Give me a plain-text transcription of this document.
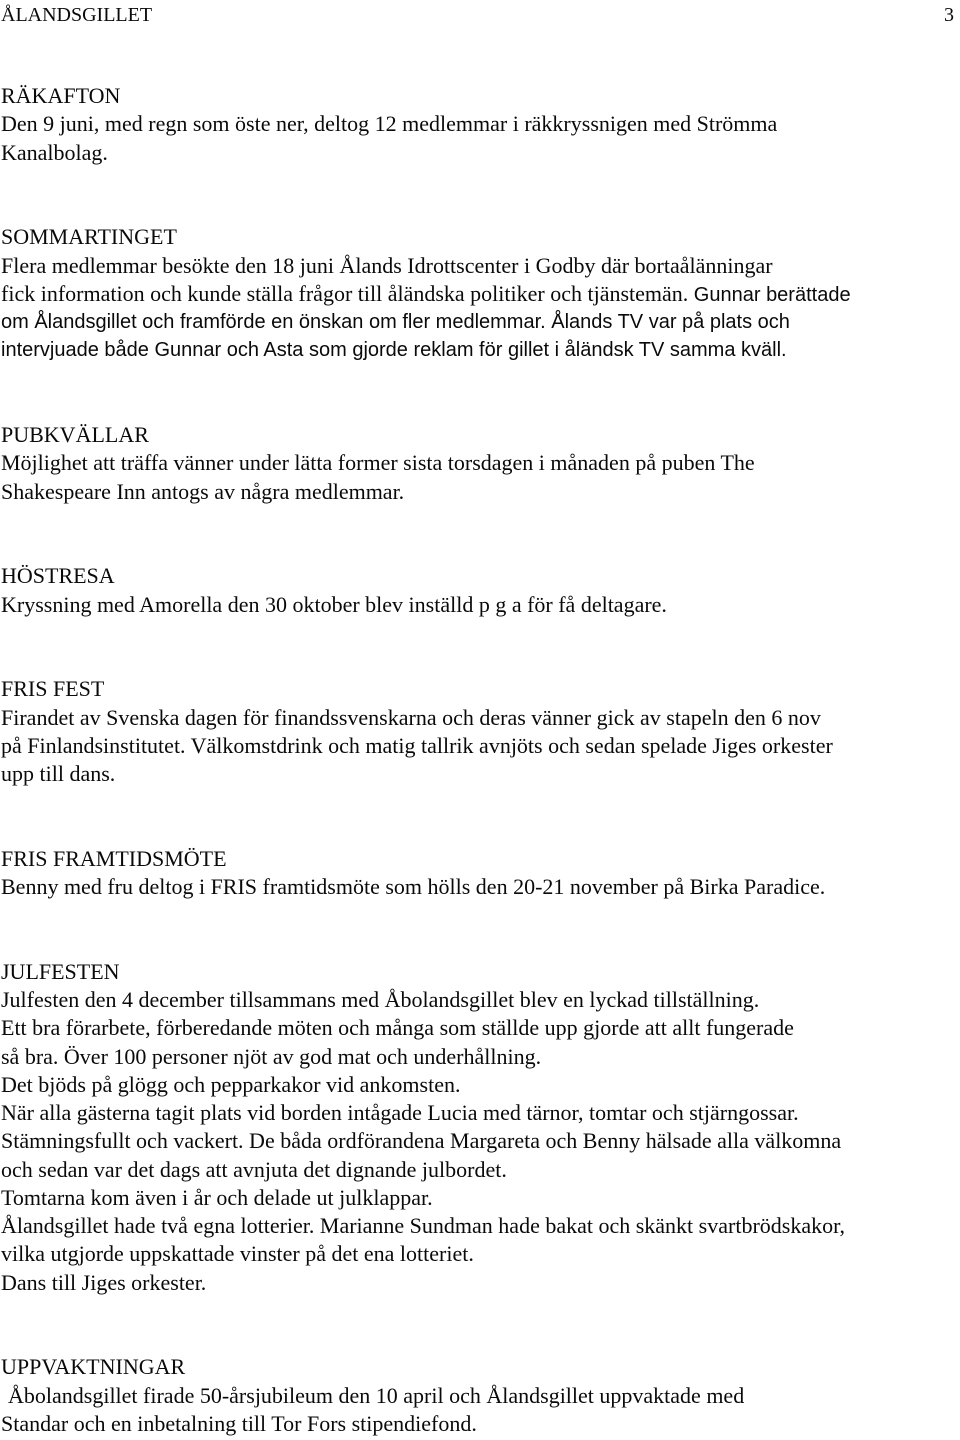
ÅLANDSGILLET	3
RÄKAFTON
Den 9 juni, med regn som öste ner, deltog 12 medlemmar i räkkryssnigen med Strömma
Kanalbolag.
SOMMARTINGET
Flera medlemmar besökte den 18 juni Ålands Idrottscenter i Godby där bortaålänningar
fick information och kunde ställa frågor till åländska politiker och tjänstemän. Gunnar berättade
om Ålandsgillet och framförde en önskan om fler medlemmar. Ålands TV var på plats och
intervjuade både Gunnar och Asta som gjorde reklam för gillet i åländsk TV samma kväll.
PUBKVÄLLAR
Möjlighet att träffa vänner under lätta former sista torsdagen i månaden på puben The
Shakespeare Inn antogs av några medlemmar.
HÖSTRESA
Kryssning med Amorella den 30 oktober blev inställd p g a för få deltagare.
FRIS FEST
Firandet av Svenska dagen för finandssvenskarna och deras vänner gick av stapeln den 6 nov
på Finlandsinstitutet. Välkomstdrink och matig tallrik avnjöts och sedan spelade Jiges orkester
upp till dans.
FRIS FRAMTIDSMÖTE
Benny med fru deltog i FRIS framtidsmöte som hölls den 20-21 november på Birka Paradice.
JULFESTEN
Julfesten den 4 december tillsammans med Åbolandsgillet blev en lyckad tillställning.
Ett bra förarbete, förberedande möten och många som ställde upp gjorde att allt fungerade
så bra. Över 100 personer njöt av god mat och underhållning.
Det bjöds på glögg och pepparkakor vid ankomsten.
När alla gästerna tagit plats vid borden intågade Lucia med tärnor, tomtar och stjärngossar.
Stämningsfullt och vackert. De båda ordförandena Margareta och Benny hälsade alla välkomna
och sedan var det dags att avnjuta det dignande julbordet.
Tomtarna kom även i år och delade ut julklappar.
Ålandsgillet hade två egna lotterier. Marianne Sundman hade bakat och skänkt svartbrödskakor,
vilka utgjorde uppskattade vinster på det ena lotteriet.
Dans till Jiges orkester.
UPPVAKTNINGAR
Åbolandsgillet firade 50-årsjubileum den 10 april och Ålandsgillet uppvaktade med
Standar och en inbetalning till Tor Fors stipendiefond.
